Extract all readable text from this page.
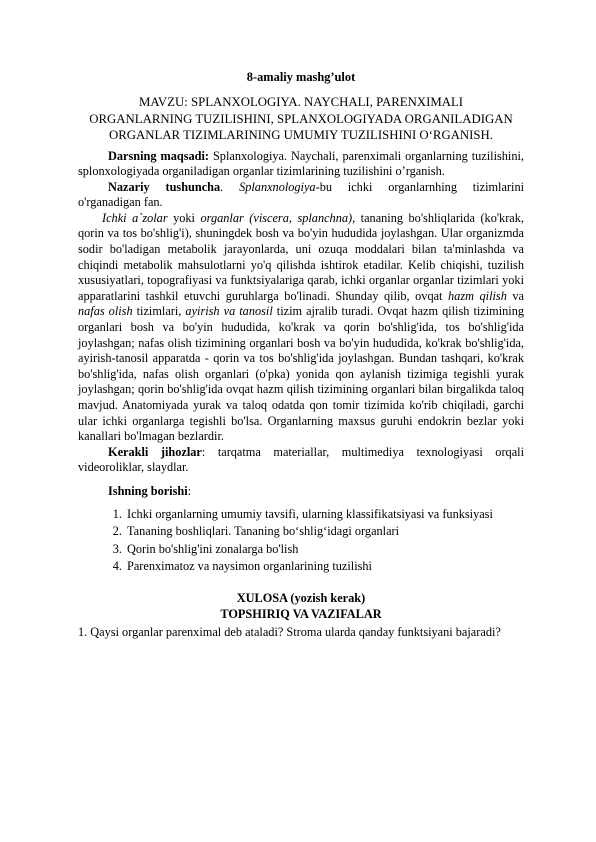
8-amaliy mashg’ulot
MAVZU: SPLANXOLOGIYA. NAYCHALI, PARENXIMALI ORGANLARNING TUZILISHINI, SPLANXOLOGIYADA ORGANILADIGAN ORGANLAR TIZIMLARINING UMUMIY TUZILISHINI O‘RGANISH.

Darsning maqsadi: Splanxologiya. Naychali, parenximali organlarning tuzilishini, splonxologiyada organiladigan organlar tizimlarining tuzilishini o’rganish.

Nazariy tushuncha. Splanxnologiya-bu ichki organlarnhing tizimlarini o'rganadigan fan.

Ichki a`zolar yoki organlar (viscera, splanchna), tananing bo'shliqlarida (ko'krak, qorin va tos bo'shlig'i), shuningdek bosh va bo'yin hududida joylashgan. Ular organizmda sodir bo'ladigan metabolik jarayonlarda, uni ozuqa moddalari bilan ta'minlashda va chiqindi metabolik mahsulotlarni yo'q qilishda ishtirok etadilar. Kelib chiqishi, tuzilish xususiyatlari, topografiyasi va funktsiyalariga qarab, ichki organlar organlar tizimlari yoki apparatlarini tashkil etuvchi guruhlarga bo'linadi. Shunday qilib, ovqat hazm qilish va nafas olish tizimlari, ayirish va tanosil tizim ajralib turadi. Ovqat hazm qilish tizimining organlari bosh va bo'yin hududida, ko'krak va qorin bo'shlig'ida, tos bo'shlig'ida joylashgan; nafas olish tizimining organlari bosh va bo'yin hududida, ko'krak bo'shlig'ida, ayirish-tanosil apparatda - qorin va tos bo'shlig'ida joylashgan. Bundan tashqari, ko'krak bo'shlig'ida, nafas olish organlari (o'pka) yonida qon aylanish tizimiga tegishli yurak joylashgan; qorin bo'shlig'ida ovqat hazm qilish tizimining organlari bilan birgalikda taloq mavjud. Anatomiyada yurak va taloq odatda qon tomir tizimida ko'rib chiqiladi, garchi ular ichki organlarga tegishli bo'lsa. Organlarning maxsus guruhi endokrin bezlar yoki kanallari bo'lmagan bezlardir.

Kerakli jihozlar: tarqatma materiallar, multimediya texnologiyasi orqali videoroliklar, slaydlar.

Ishning borishi:
1. Ichki organlarning umumiy tavsifi, ularning klassifikatsiyasi va funksiyasi
2. Tananing boshliqlari. Tananing bo‘shlig‘idagi organlari
3. Qorin bo'shlig'ini zonalarga bo'lish
4. Parenximatoz va naysimon organlarining tuzilishi
XULOSA (yozish kerak)
TOPSHIRIQ VA VAZIFALAR

1. Qaysi organlar parenximal deb ataladi? Stroma ularda qanday funktsiyani bajaradi?
